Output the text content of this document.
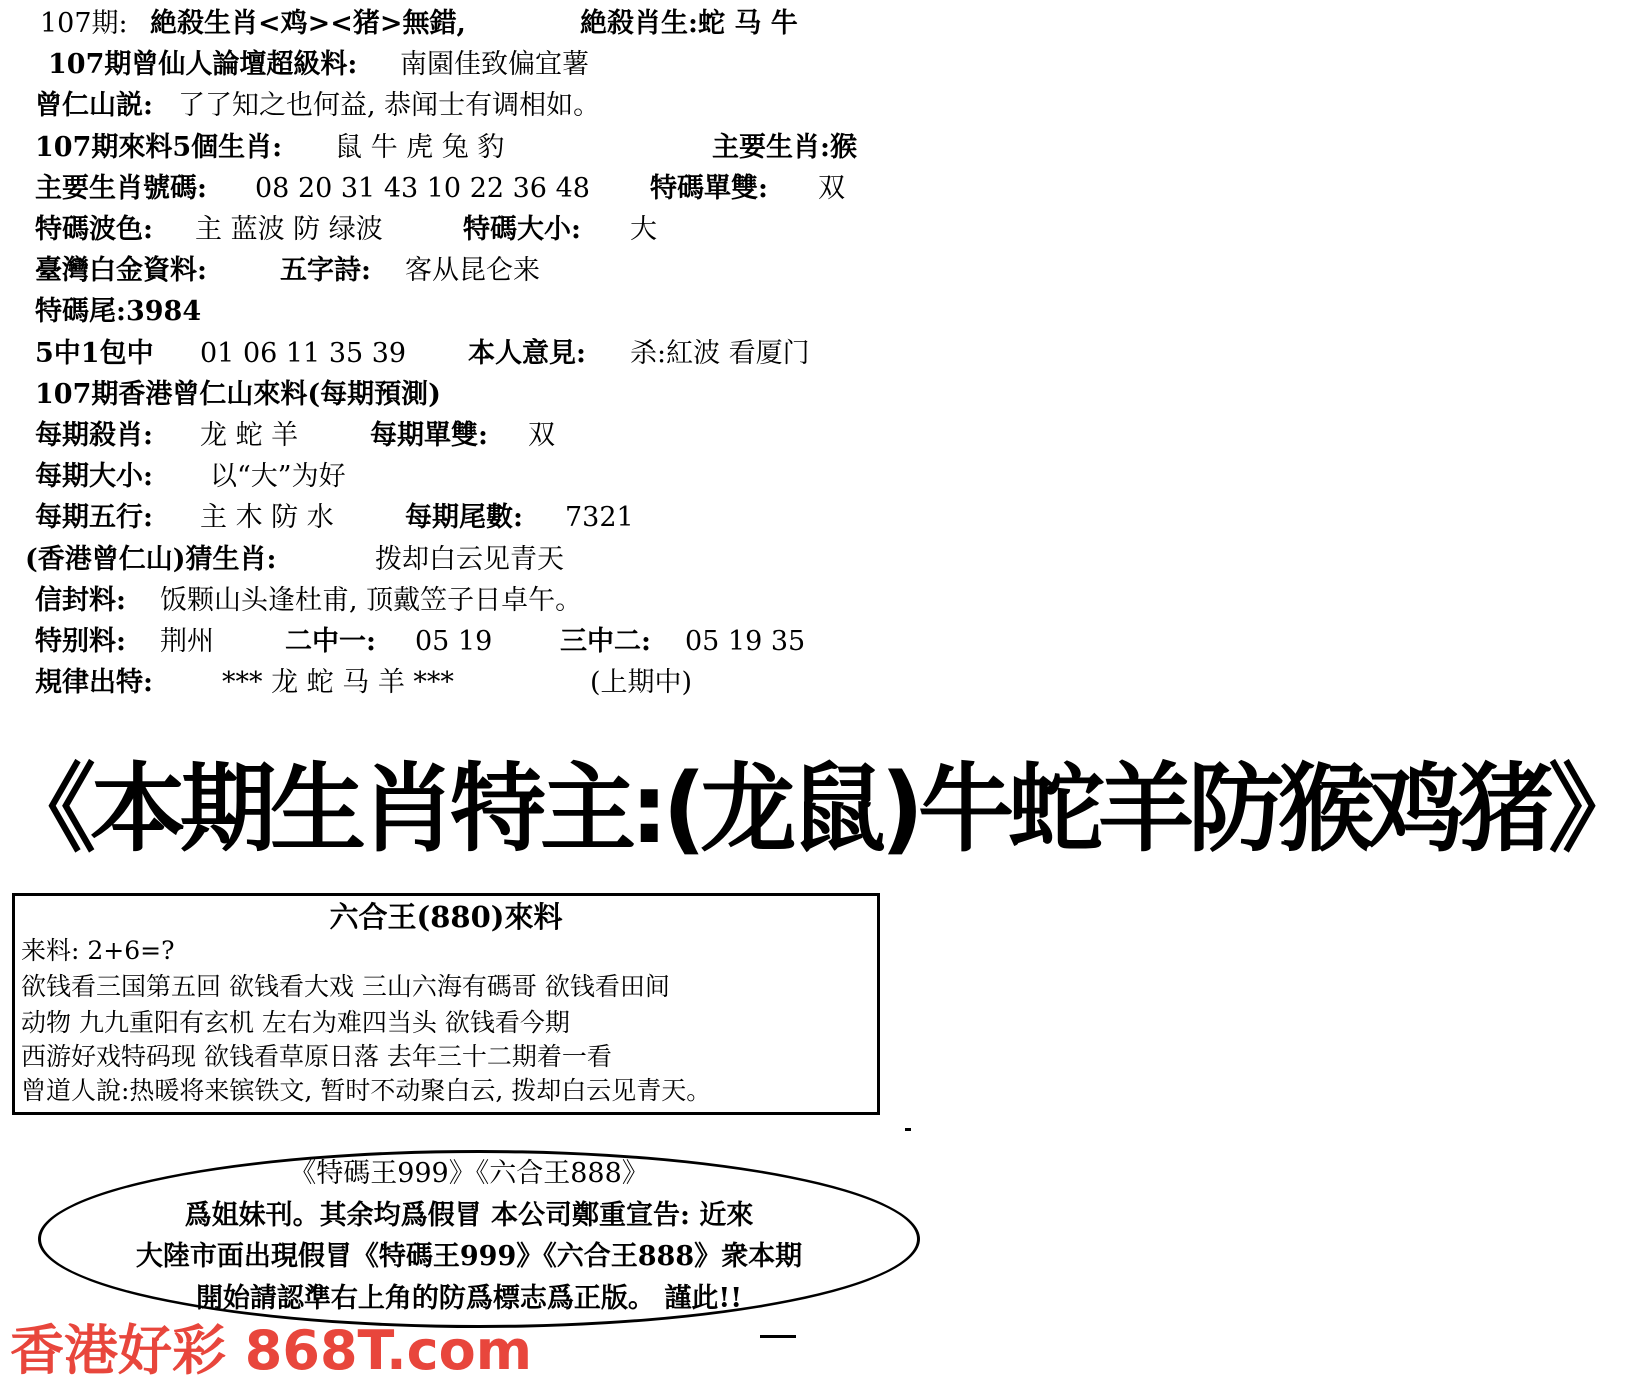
107期: 絶殺生肖<鸡><猪>無錯,	絶殺肖生:蛇 马 牛
107期曾仙人論壇超級料: 南園佳致偏宜薯
曾仁山説: 了了知之也何益, 恭闻士有调相如。
107期來料5個生肖: 鼠 牛 虎 兔 豹	主要生肖:猴
主要生肖號碼: 08 20 31 43 10 22 36 48 特碼單雙: 双
特碼波色: 主 蓝波 防 绿波	特碼大小: 大
臺灣白金資料:	五字詩: 客从昆仑来
特碼尾:3984
5中1包中 01 06 11 35 39 本人意見: 杀:紅波 看厦门
107期香港曾仁山來料(每期預測)
每期殺肖: 龙 蛇 羊	每期單雙: 双
每期大小: 以“大”为好
每期五行: 主 木 防 水	每期尾數: 7321
(香港曾仁山)猜生肖:	拨却白云见青天
信封料: 饭颗山头逢杜甫, 顶戴笠子日卓午。
特别料: 荆州	二中一: 05 19	三中二: 05 19 35
規律出特:	*** 龙 蛇 马 羊 ***	(上期中)
《本期生肖特主:(龙鼠)牛蛇羊防猴鸡猪》
六合王(880)來料
来料: 2+6=?
欲钱看三国第五回 欲钱看大戏 三山六海有碼哥 欲钱看田间
动物 九九重阳有玄机 左右为难四当头 欲钱看今期
西游好戏特码现 欲钱看草原日落 去年三十二期着一看
曾道人說:热暖将来镔铁文, 暂时不动聚白云, 拨却白云见青天。
《特碼王999》《六合王888》
爲姐妹刊。其余均爲假冒 本公司鄭重宣告: 近來
大陸市面出現假冒《特碼王999》《六合王888》衆本期
開始請認準右上角的防爲標志爲正版。 謹此!!
香港好彩 868T.com
